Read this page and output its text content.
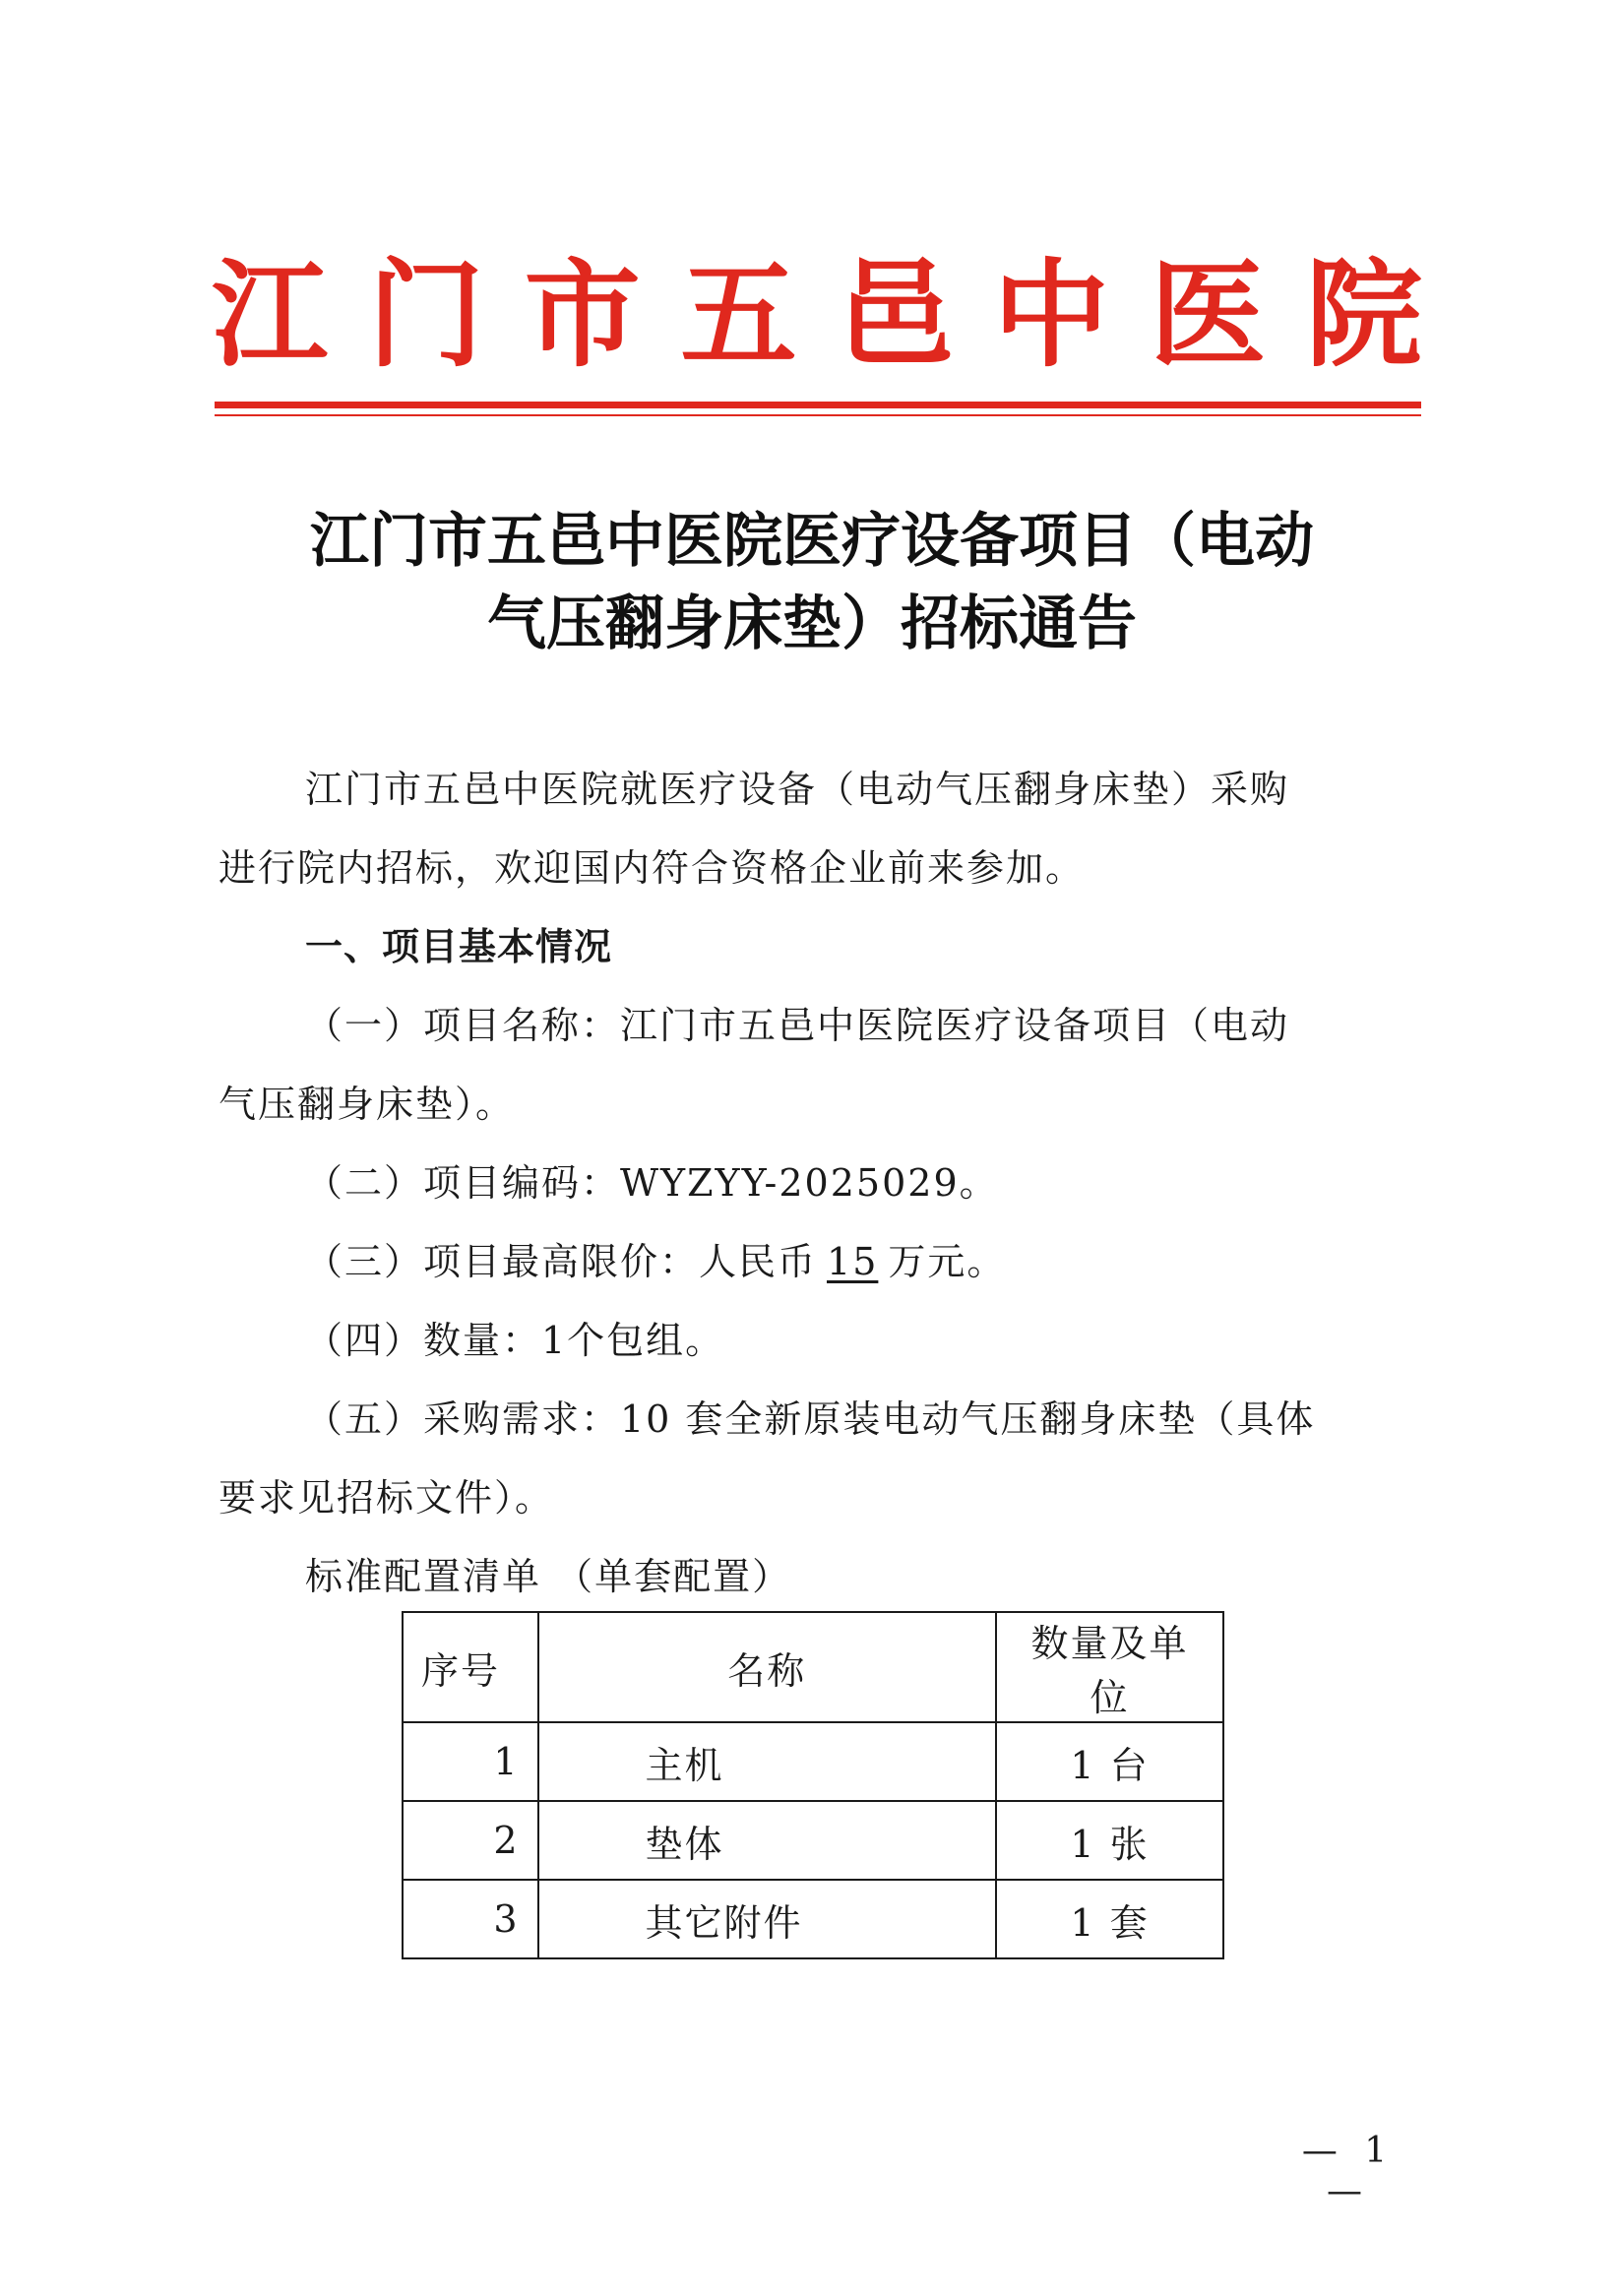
江 门 市 五 邑 中 医 院
江门市五邑中医院医疗设备项目（电动
气压翻身床垫）招标通告
江门市五邑中医院就医疗设备（电动气压翻身床垫）采购
进行院内招标，欢迎国内符合资格企业前来参加。
一、项目基本情况
（一）项目名称：江门市五邑中医院医疗设备项目（电动
气压翻身床垫）。
（二）项目编码：WYZYY-2025029。
（三）项目最高限价：人民币 15 万元。
（四）数量：1个包组。
（五）采购需求：10 套全新原装电动气压翻身床垫（具体
要求见招标文件）。
标准配置清单 （单套配置）
序号	名称	数量及单位
1	主机	1 台
2	垫体	1 张
3	其它附件	1 套
— 1 —
